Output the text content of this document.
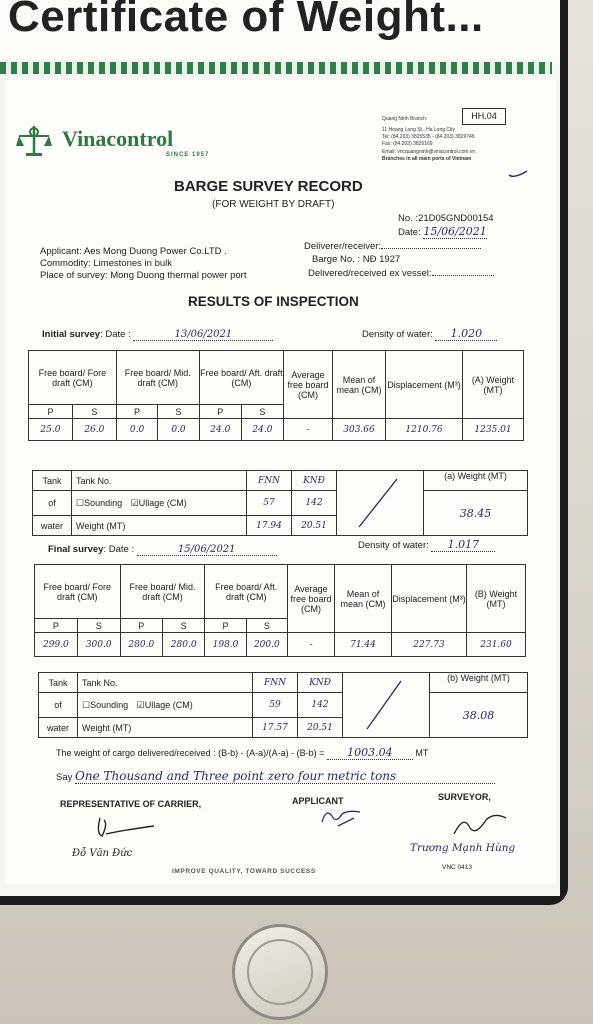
Certificate of Weight...
Vinacontrol
SINCE 1957
Quang Ninh Branch:	HH.04
11 Hoang Long St., Ha Long City
Tel: (84.203) 3825535 - (84.203) 3829749
Fax: (84.203) 3826169
Email: vncquangninh@vinacontrol.com.vn
Branches in all main ports of Vietnam
BARGE SURVEY RECORD
(FOR WEIGHT BY DRAFT)
No. :21D05GND00154
Date: 15/06/2021
Applicant: Aes Mong Duong Power Co.LTD .
Commodity: Limestones in bulk
Place of survey: Mong Duong thermal power port
Deliverer/receiver:
Barge No. : NĐ 1927
Delivered/received ex vessel:
RESULTS OF INSPECTION
Initial survey: Date :	13/06/2021	Density of water: 1.020
Free board/ Fore draft (CM)		Free board/ Mid. draft (CM)		Free board/ Aft. draft (CM)		Average free board (CM)	Mean of mean (CM)	Displacement (M³)	(A) Weight (MT)
P	S	P	S	P	S				
25.0	26.0	0.0	0.0	24.0	24.0	-	303.66	1210.76	1235.01
Tank	Tank No.	FNN	KNĐ		(a) Weight (MT)
of	☐Sounding ☑Ullage (CM)	57	142		38.45
water	Weight (MT)	17.94	20.51		
Final survey: Date :	15/06/2021	Density of water: 1.017
Free board/ Fore draft (CM)		Free board/ Mid. draft (CM)		Free board/ Aft. draft (CM)		Average free board (CM)	Mean of mean (CM)	Displacement (M³)	(B) Weight (MT)
P	S	P	S	P	S				
299.0	300.0	280.0	280.0	198.0	200.0	-	71.44	227.73	231.60
Tank	Tank No.	FNN	KNĐ		(b) Weight (MT)
of	☐Sounding ☑Ullage (CM)	59	142		38.08
water	Weight (MT)	17.57	20.51		
The weight of cargo delivered/received : (B-b) - (A-a)/(A-a) - (B-b) = 1003.04	MT
Say One Thousand and Three point zero four metric tons
REPRESENTATIVE OF CARRIER,	APPLICANT	SURVEYOR,
Đỗ Văn Đức	Trương Mạnh Hùng
VNC 0413
IMPROVE QUALITY, TOWARD SUCCESS
